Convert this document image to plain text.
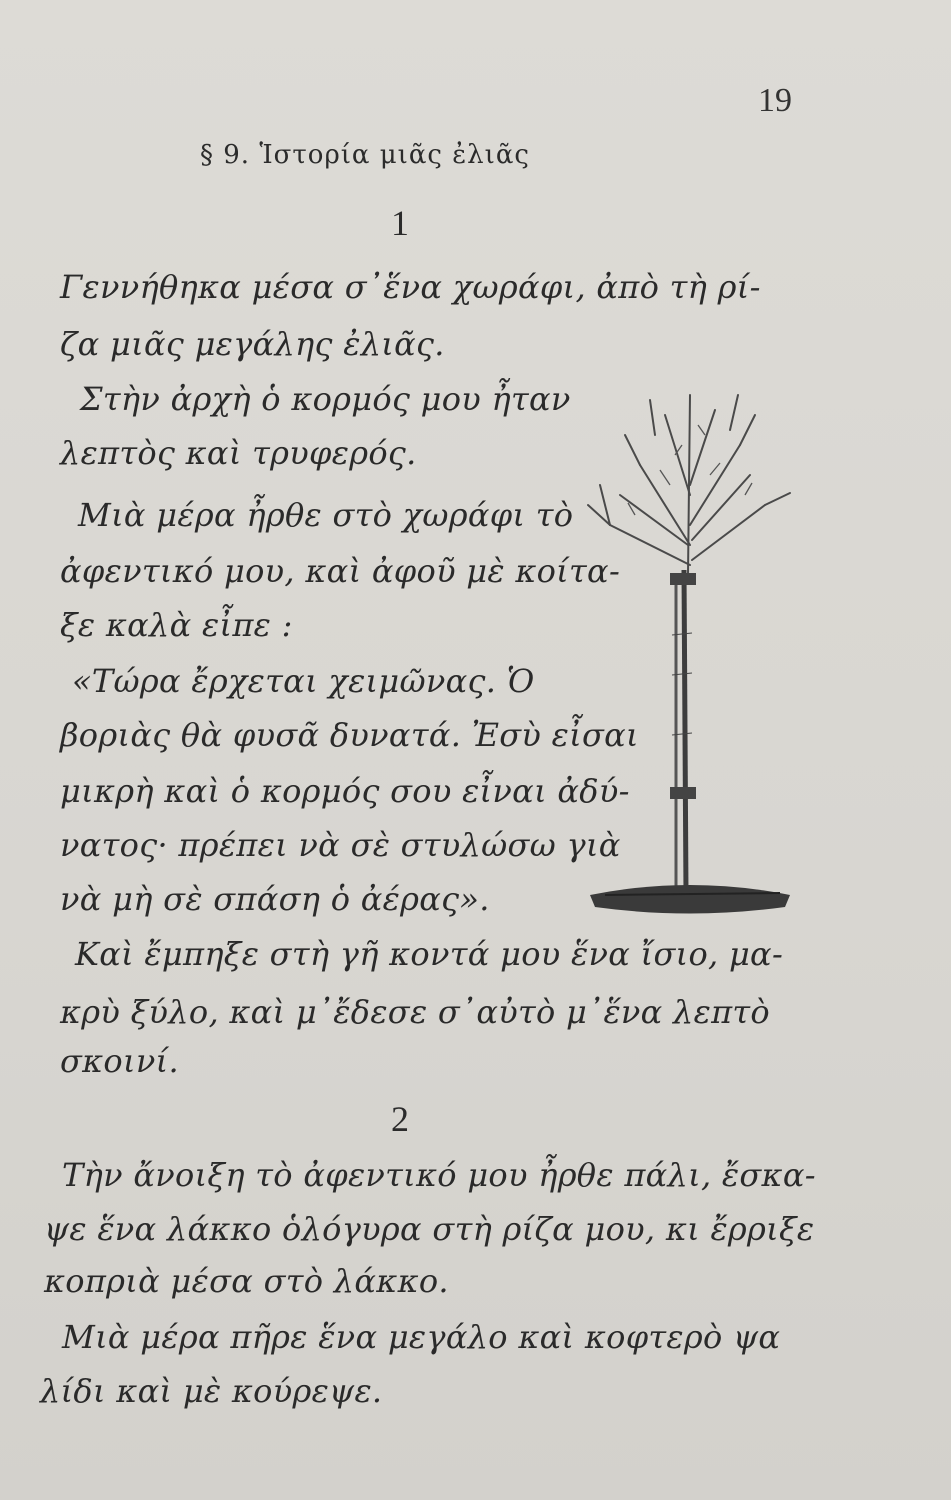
19
§ 9. Ἱστορία μιᾶς ἐλιᾶς
1
Γεννήθηκα μέσα σ᾽ἕνα χωράφι, ἀπὸ τὴ ρί-
ζα μιᾶς μεγάλης ἐλιᾶς.
Στὴν ἀρχὴ ὁ κορμός μου ἦταν
λεπτὸς καὶ τρυφερός.
Μιὰ μέρα ἦρθε στὸ χωράφι τὸ
ἀφεντικό μου, καὶ ἀφοῦ μὲ κοίτα-
ξε καλὰ εἶπε :
«Τώρα ἔρχεται χειμῶνας. Ὁ
βοριὰς θὰ φυσᾶ δυνατά. Ἐσὺ εἶσαι
μικρὴ καὶ ὁ κορμός σου εἶναι ἀδύ-
νατος· πρέπει νὰ σὲ στυλώσω γιὰ
νὰ μὴ σὲ σπάση ὁ ἀέρας».
Καὶ ἔμπηξε στὴ γῆ κοντά μου ἕνα ἴσιο, μα-
κρὺ ξύλο, καὶ μ᾽ἔδεσε σ᾽αὐτὸ μ᾽ἕνα λεπτὸ
σκοινί.
2
Τὴν ἄνοιξη τὸ ἀφεντικό μου ἦρθε πάλι, ἔσκα-
ψε ἕνα λάκκο ὁλόγυρα στὴ ρίζα μου, κι ἔρριξε
κοπριὰ μέσα στὸ λάκκο.
Μιὰ μέρα πῆρε ἕνα μεγάλο καὶ κοφτερὸ ψα
λίδι καὶ μὲ κούρεψε.
